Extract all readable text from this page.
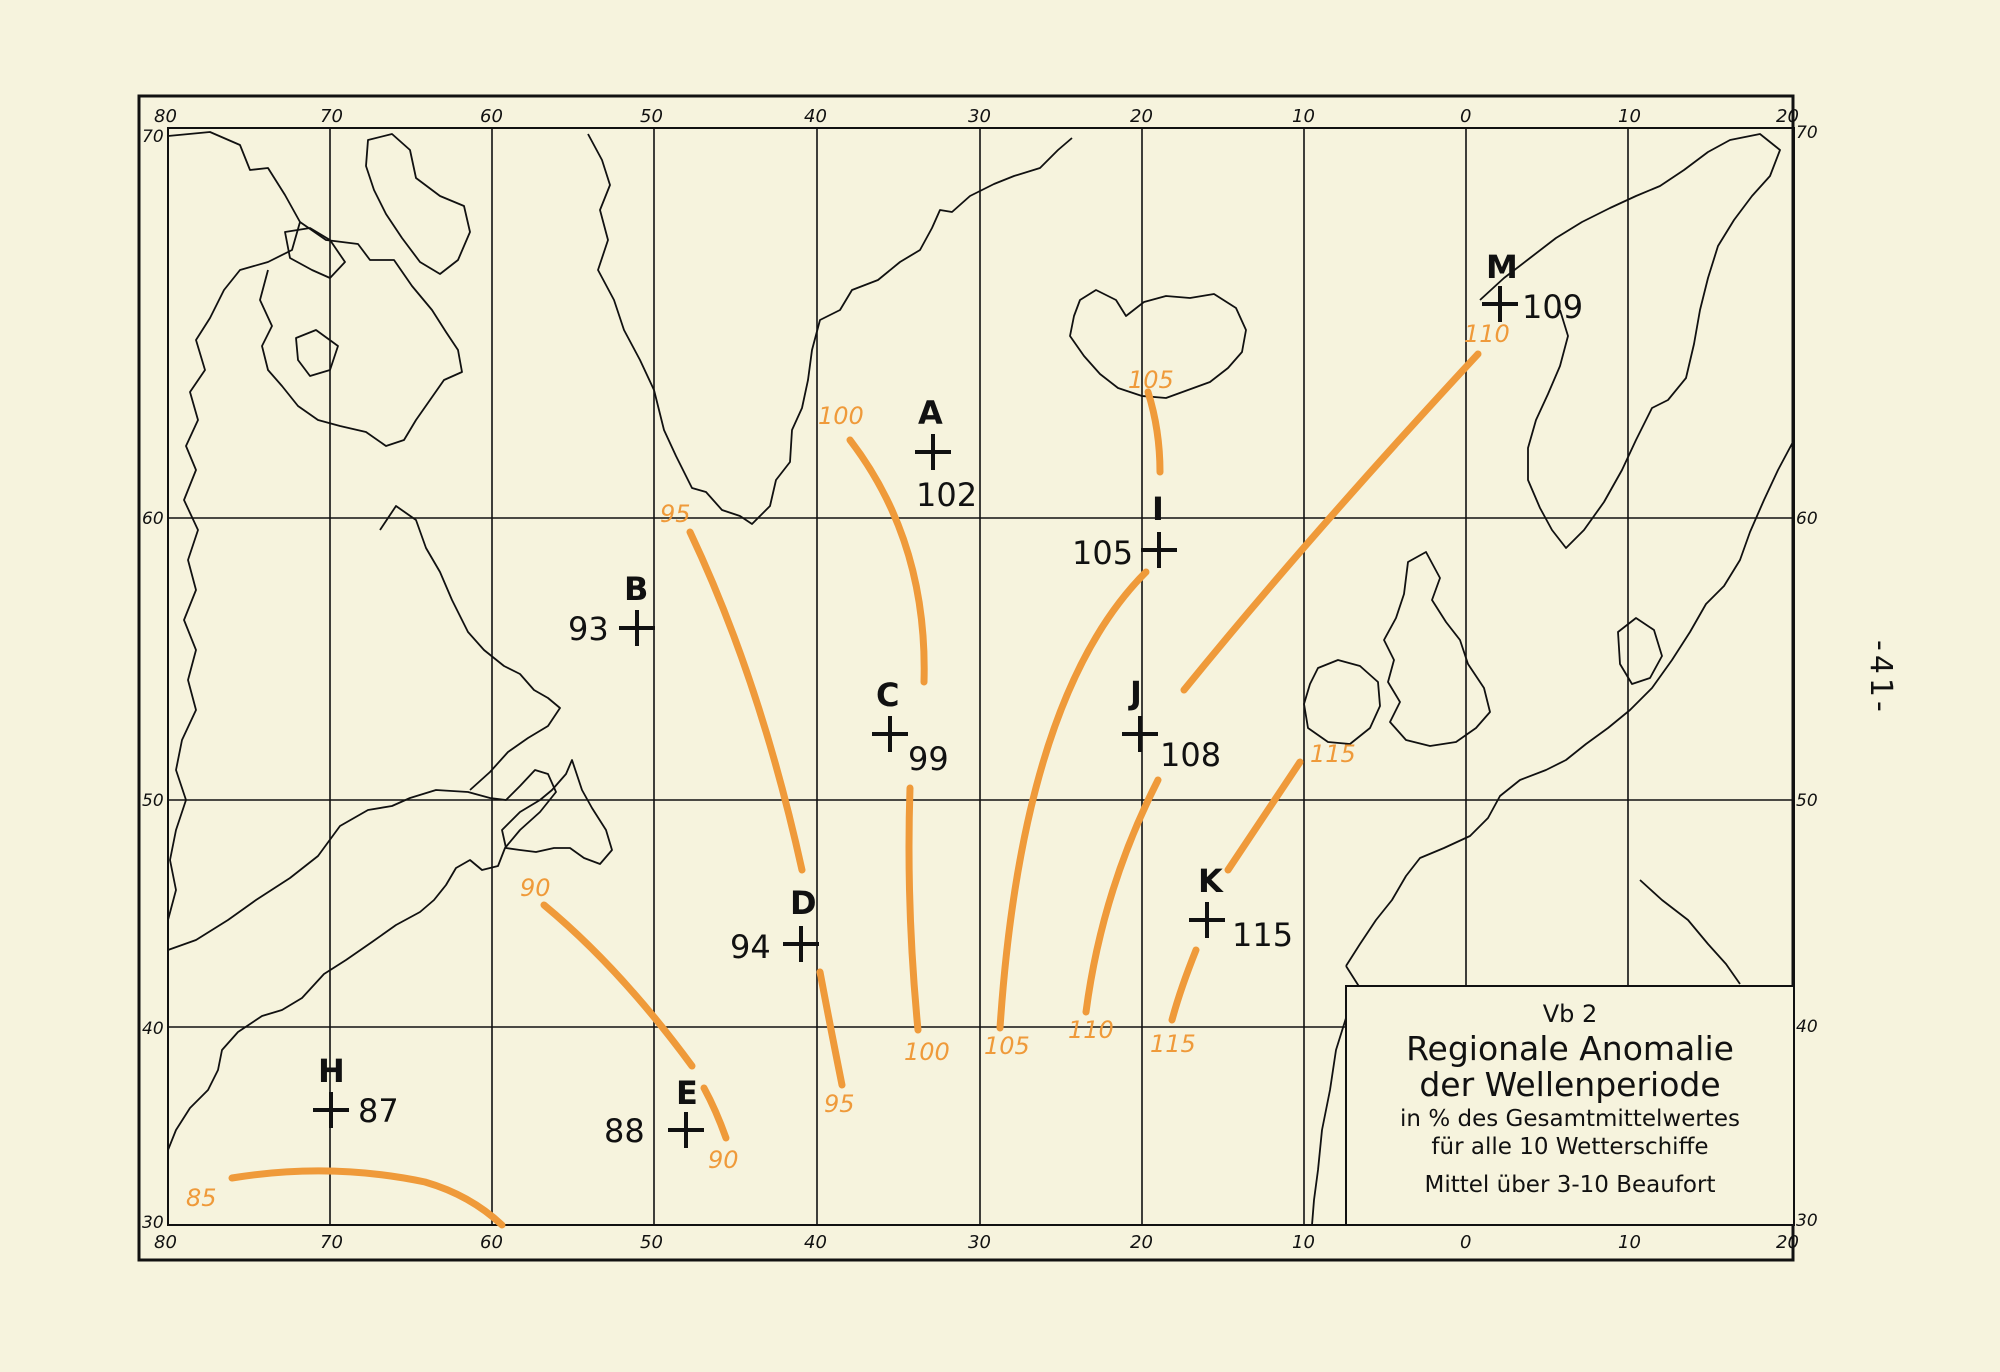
-41-
80	70	60	50	40	30	20	10	0	10	20
80	70	60	50	40	30	20	10	0	10	20
70
60
50
40
30
70
60
50
40
30
85
90
90
95
95
100
100
105
105
110
110
115
115
A
102
B
93
C
99
D
94
E
88
H
87
I
105
J
108
K
115
M
109
Ⅴb 2
Regionale Anomalie
der Wellenperiode
in % des Gesamtmittelwertes
für alle 10 Wetterschiffe
Mittel über 3-10 Beaufort
